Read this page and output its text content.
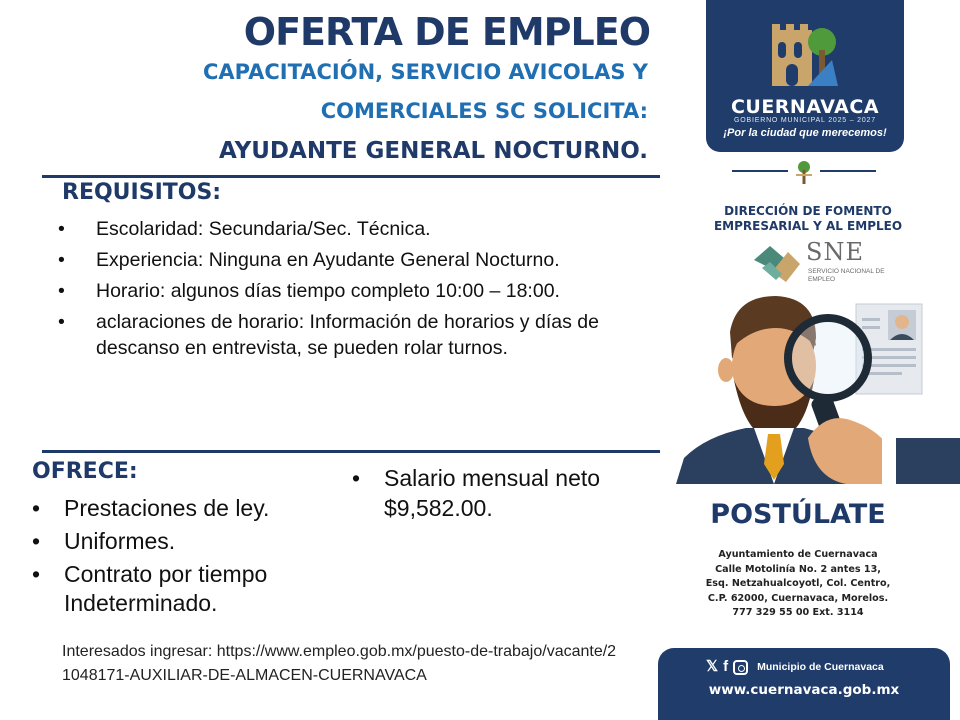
OFERTA DE EMPLEO
CAPACITACIÓN, SERVICIO AVICOLAS Y
COMERCIALES SC SOLICITA:
AYUDANTE GENERAL NOCTURNO.
REQUISITOS:
• Escolaridad: Secundaria/Sec. Técnica.
• Experiencia: Ninguna en Ayudante General Nocturno.
• Horario: algunos días tiempo completo 10:00 – 18:00.
• aclaraciones de horario: Información de horarios y días de descanso en entrevista, se pueden rolar turnos.
OFRECE:
• Prestaciones de ley.
• Uniformes.
• Contrato por tiempo Indeterminado.
• Salario mensual neto $9,582.00.
Interesados ingresar: https://www.empleo.gob.mx/puesto-de-trabajo/vacante/21048171-AUXILIAR-DE-ALMACEN-CUERNAVACA
CUERNAVACA
GOBIERNO MUNICIPAL 2025 – 2027
¡Por la ciudad que merecemos!
DIRECCIÓN DE FOMENTO EMPRESARIAL Y AL EMPLEO
SNE
SERVICIO NACIONAL DE EMPLEO
POSTÚLATE
Ayuntamiento de Cuernavaca
Calle Motolinía No. 2 antes 13,
Esq. Netzahualcoyotl, Col. Centro,
C.P. 62000, Cuernavaca, Morelos.
777 329 55 00 Ext. 3114
𝕏 f	Municipio de Cuernavaca
www.cuernavaca.gob.mx
